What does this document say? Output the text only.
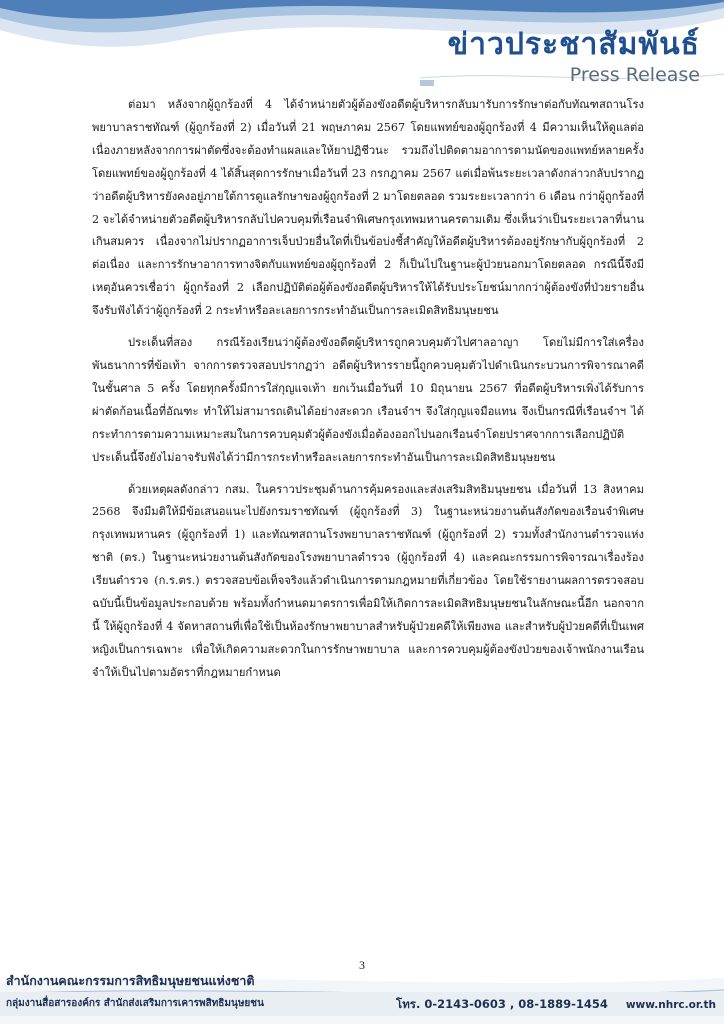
ข่าวประชาสัมพันธ์
Press Release

ต่อมา หลังจากผู้ถูกร้องที่ 4 ได้จำหน่ายตัวผู้ต้องขังอดีตผู้บริหารกลับมารับการรักษาต่อกับทัณฑสถานโรงพยาบาลราชทัณฑ์ (ผู้ถูกร้องที่ 2) เมื่อวันที่ 21 พฤษภาคม 2567 โดยแพทย์ของผู้ถูกร้องที่ 4 มีความเห็นให้ดูแลต่อเนื่องภายหลังจากการผ่าตัดซึ่งจะต้องทำแผลและให้ยาปฏิชีวนะ รวมถึงไปติดตามอาการตามนัดของแพทย์หลายครั้ง โดยแพทย์ของผู้ถูกร้องที่ 4 ได้สิ้นสุดการรักษาเมื่อวันที่ 23 กรกฎาคม 2567 แต่เมื่อพ้นระยะเวลาดังกล่าวกลับปรากฏว่าอดีตผู้บริหารยังคงอยู่ภายใต้การดูแลรักษาของผู้ถูกร้องที่ 2 มาโดยตลอด รวมระยะเวลากว่า 6 เดือน กว่าผู้ถูกร้องที่ 2 จะได้จำหน่ายตัวอดีตผู้บริหารกลับไปควบคุมที่เรือนจำพิเศษกรุงเทพมหานครตามเดิม ซึ่งเห็นว่าเป็นระยะเวลาที่นานเกินสมควร เนื่องจากไม่ปรากฏอาการเจ็บป่วยอื่นใดที่เป็นข้อบ่งชี้สำคัญให้อดีตผู้บริหารต้องอยู่รักษากับผู้ถูกร้องที่ 2 ต่อเนื่อง และการรักษาอาการทางจิตกับแพทย์ของผู้ถูกร้องที่ 2 ก็เป็นไปในฐานะผู้ป่วยนอกมาโดยตลอด กรณีนี้จึงมีเหตุอันควรเชื่อว่า ผู้ถูกร้องที่ 2 เลือกปฏิบัติต่อผู้ต้องขังอดีตผู้บริหารให้ได้รับประโยชน์มากกว่าผู้ต้องขังที่ป่วยรายอื่น จึงรับฟังได้ว่าผู้ถูกร้องที่ 2 กระทำหรือละเลยการกระทำอันเป็นการละเมิดสิทธิมนุษยชน

ประเด็นที่สอง กรณีร้องเรียนว่าผู้ต้องขังอดีตผู้บริหารถูกควบคุมตัวไปศาลอาญา โดยไม่มีการใส่เครื่องพันธนาการที่ข้อเท้า จากการตรวจสอบปรากฏว่า อดีตผู้บริหารรายนี้ถูกควบคุมตัวไปดำเนินกระบวนการพิจารณาคดีในชั้นศาล 5 ครั้ง โดยทุกครั้งมีการใส่กุญแจเท้า ยกเว้นเมื่อวันที่ 10 มิถุนายน 2567 ที่อดีตผู้บริหารเพิ่งได้รับการผ่าตัดก้อนเนื้อที่อัณฑะ ทำให้ไม่สามารถเดินได้อย่างสะดวก เรือนจำฯ จึงใส่กุญแจมือแทน จึงเป็นกรณีที่เรือนจำฯ ได้กระทำการตามความเหมาะสมในการควบคุมตัวผู้ต้องขังเมื่อต้องออกไปนอกเรือนจำโดยปราศจากการเลือกปฏิบัติ ประเด็นนี้จึงยังไม่อาจรับฟังได้ว่ามีการกระทำหรือละเลยการกระทำอันเป็นการละเมิดสิทธิมนุษยชน

ด้วยเหตุผลดังกล่าว กสม. ในคราวประชุมด้านการคุ้มครองและส่งเสริมสิทธิมนุษยชน เมื่อวันที่ 13 สิงหาคม 2568 จึงมีมติให้มีข้อเสนอแนะไปยังกรมราชทัณฑ์ (ผู้ถูกร้องที่ 3) ในฐานะหน่วยงานต้นสังกัดของเรือนจำพิเศษกรุงเทพมหานคร (ผู้ถูกร้องที่ 1) และทัณฑสถานโรงพยาบาลราชทัณฑ์ (ผู้ถูกร้องที่ 2) รวมทั้งสำนักงานตำรวจแห่งชาติ (ตร.) ในฐานะหน่วยงานต้นสังกัดของโรงพยาบาลตำรวจ (ผู้ถูกร้องที่ 4) และคณะกรรมการพิจารณาเรื่องร้องเรียนตำรวจ (ก.ร.ตร.) ตรวจสอบข้อเท็จจริงแล้วดำเนินการตามกฎหมายที่เกี่ยวข้อง โดยใช้รายงานผลการตรวจสอบฉบับนี้เป็นข้อมูลประกอบด้วย พร้อมทั้งกำหนดมาตรการเพื่อมิให้เกิดการละเมิดสิทธิมนุษยชนในลักษณะนี้อีก นอกจากนี้ ให้ผู้ถูกร้องที่ 4 จัดหาสถานที่เพื่อใช้เป็นห้องรักษาพยาบาลสำหรับผู้ป่วยคดีให้เพียงพอ และสำหรับผู้ป่วยคดีที่เป็นเพศหญิงเป็นการเฉพาะ เพื่อให้เกิดความสะดวกในการรักษาพยาบาล และการควบคุมผู้ต้องขังป่วยของเจ้าพนักงานเรือนจำให้เป็นไปตามอัตราที่กฎหมายกำหนด

3
สำนักงานคณะกรรมการสิทธิมนุษยชนแห่งชาติ
กลุ่มงานสื่อสารองค์กร สำนักส่งเสริมการเคารพสิทธิมนุษยชน	โทร. 0-2143-0603 , 08-1889-1454 www.nhrc.or.th
